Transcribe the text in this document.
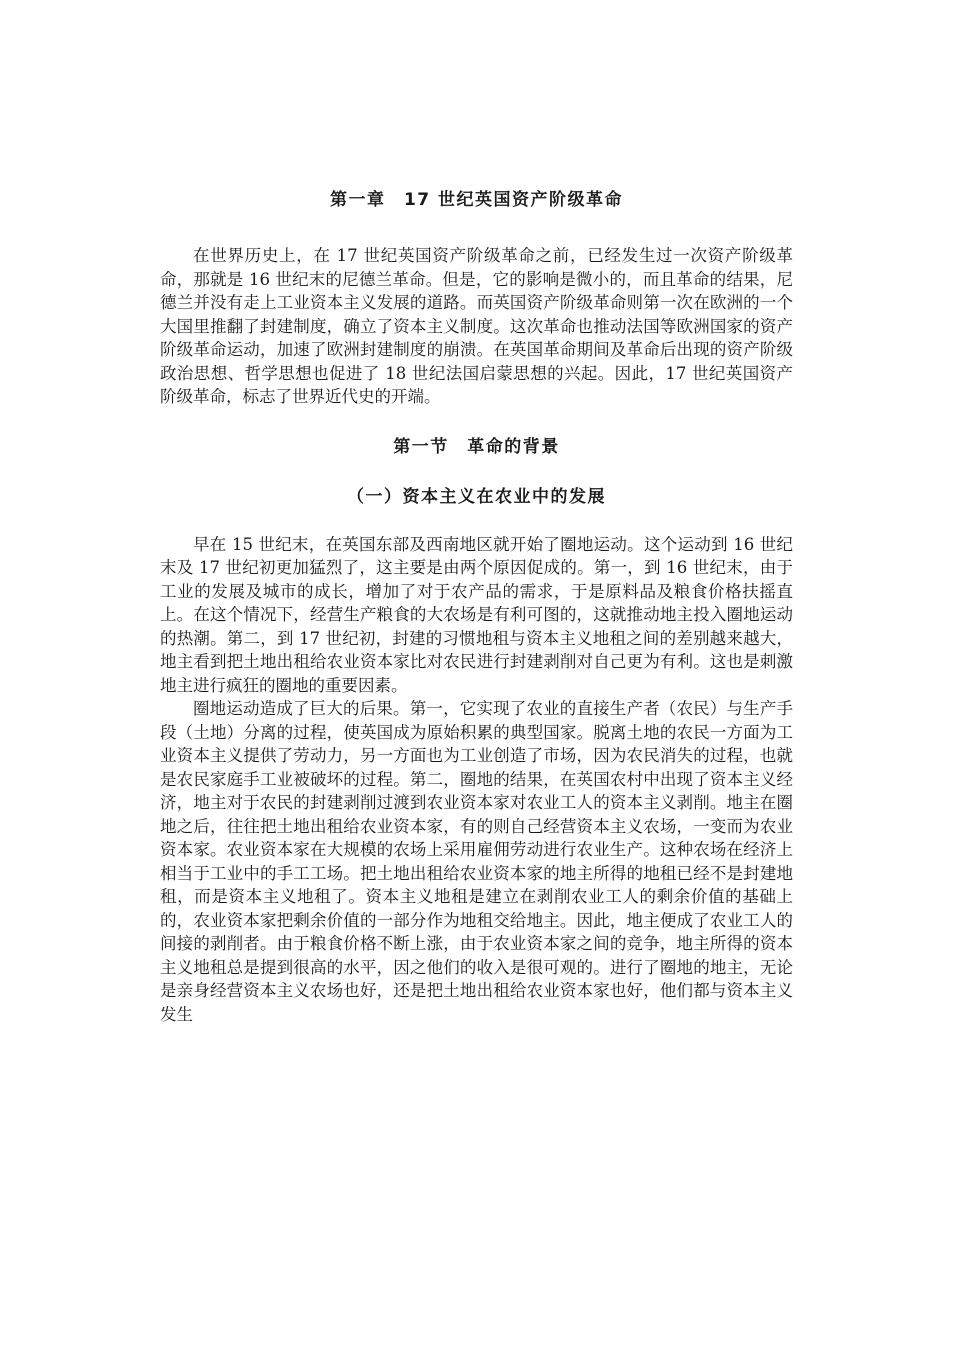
第一章　17 世纪英国资产阶级革命

在世界历史上，在 17 世纪英国资产阶级革命之前，已经发生过一次资产阶级革命，那就是 16 世纪末的尼德兰革命。但是，它的影响是微小的，而且革命的结果，尼德兰并没有走上工业资本主义发展的道路。而英国资产阶级革命则第一次在欧洲的一个大国里推翻了封建制度，确立了资本主义制度。这次革命也推动法国等欧洲国家的资产阶级革命运动，加速了欧洲封建制度的崩溃。在英国革命期间及革命后出现的资产阶级政治思想、哲学思想也促进了 18 世纪法国启蒙思想的兴起。因此，17 世纪英国资产阶级革命，标志了世界近代史的开端。

第一节　革命的背景
（一）资本主义在农业中的发展

早在 15 世纪末，在英国东部及西南地区就开始了圈地运动。这个运动到 16 世纪末及 17 世纪初更加猛烈了，这主要是由两个原因促成的。第一，到 16 世纪末，由于工业的发展及城市的成长，增加了对于农产品的需求，于是原料品及粮食价格扶摇直上。在这个情况下，经营生产粮食的大农场是有利可图的，这就推动地主投入圈地运动的热潮。第二，到 17 世纪初，封建的习惯地租与资本主义地租之间的差别越来越大，地主看到把土地出租给农业资本家比对农民进行封建剥削对自己更为有利。这也是刺激地主进行疯狂的圈地的重要因素。

圈地运动造成了巨大的后果。第一，它实现了农业的直接生产者（农民）与生产手段（土地）分离的过程，使英国成为原始积累的典型国家。脱离土地的农民一方面为工业资本主义提供了劳动力，另一方面也为工业创造了市场，因为农民消失的过程，也就是农民家庭手工业被破坏的过程。第二，圈地的结果，在英国农村中出现了资本主义经济，地主对于农民的封建剥削过渡到农业资本家对农业工人的资本主义剥削。地主在圈地之后，往往把土地出租给农业资本家，有的则自己经营资本主义农场，一变而为农业资本家。农业资本家在大规模的农场上采用雇佣劳动进行农业生产。这种农场在经济上相当于工业中的手工工场。把土地出租给农业资本家的地主所得的地租已经不是封建地租，而是资本主义地租了。资本主义地租是建立在剥削农业工人的剩余价值的基础上的，农业资本家把剩余价值的一部分作为地租交给地主。因此，地主便成了农业工人的间接的剥削者。由于粮食价格不断上涨，由于农业资本家之间的竞争，地主所得的资本主义地租总是提到很高的水平，因之他们的收入是很可观的。进行了圈地的地主，无论是亲身经营资本主义农场也好，还是把土地出租给农业资本家也好，他们都与资本主义发生
